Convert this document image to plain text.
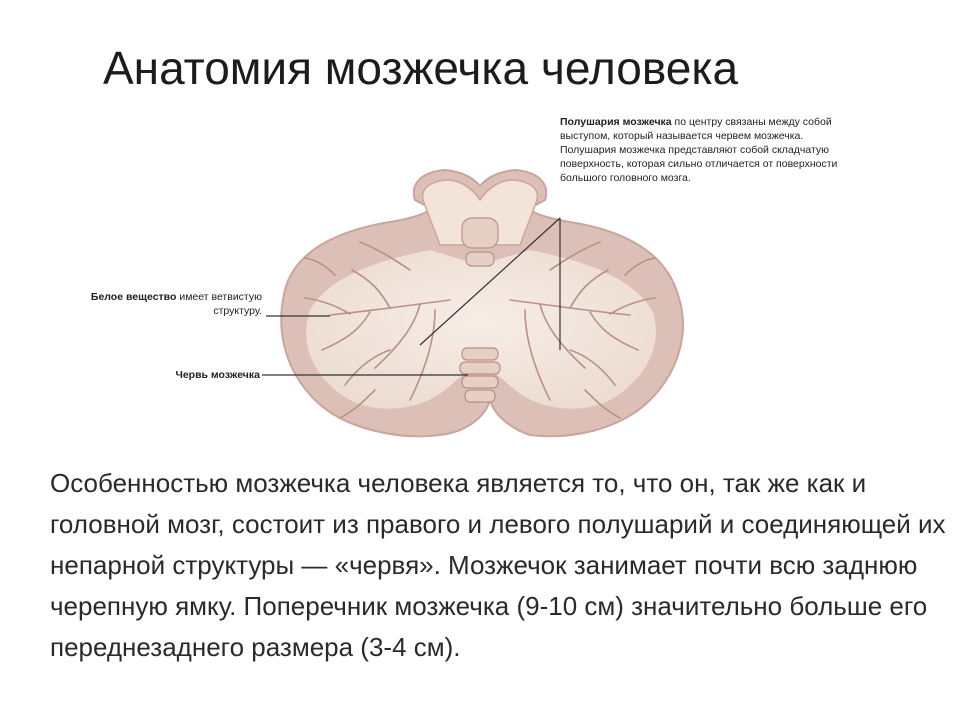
Анатомия мозжечка человека
Полушария мозжечка по центру связаны между собой выступом, который называется червем мозжечка. Полушария мозжечка представляют собой складчатую поверхность, которая сильно отличается от поверхности большого головного мозга.
Белое вещество имеет ветвистую структуру.
Червь мозжечка
Особенностью мозжечка человека является то, что он, так же как и головной мозг, состоит из правого и левого полушарий и соединяющей их непарной структуры — «червя». Мозжечок занимает почти всю заднюю черепную ямку. Поперечник мозжечка (9-10 см) значительно больше его переднезаднего размера (3-4 см).
